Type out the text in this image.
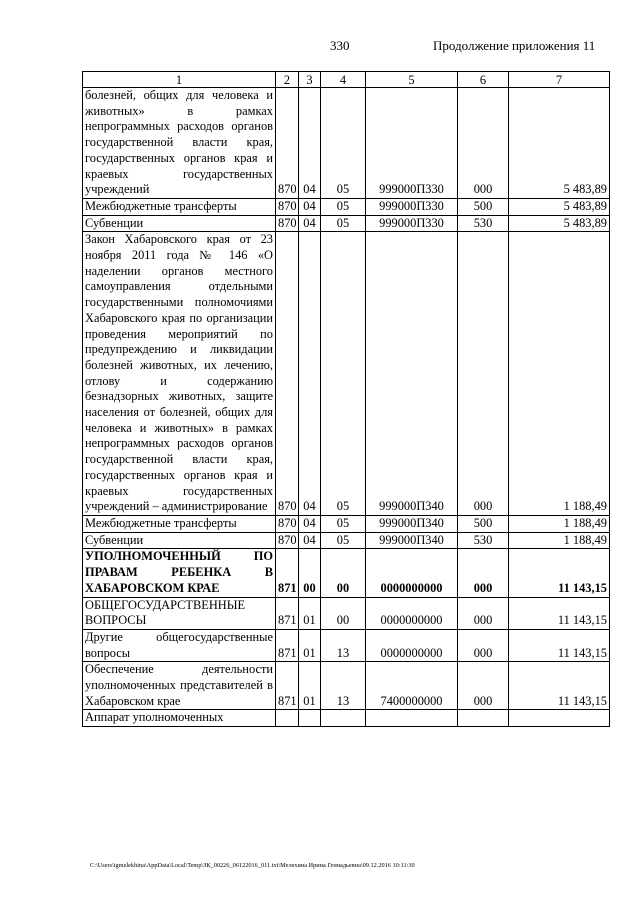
330	Продолжение приложения 11
1	2	3	4	5	6	7
болезней, общих для человека и животных» в рамках непрограммных расходов органов государственной власти края, государственных органов края и краевых государственных учреждений	870	04	05	999000П330	000	5 483,89
Межбюджетные трансферты	870	04	05	999000П330	500	5 483,89
Субвенции	870	04	05	999000П330	530	5 483,89
Закон Хабаровского края от 23 ноября 2011 года № 146 «О наделении органов местного самоуправления отдельными государственными полномочиями Хабаровского края по организации проведения мероприятий по предупреждению и ликвидации болезней животных, их лечению, отлову и содержанию безнадзорных животных, защите населения от болезней, общих для человека и животных» в рамках непрограммных расходов органов государственной власти края, государственных органов края и краевых государственных учреждений – администрирование	870	04	05	999000П340	000	1 188,49
Межбюджетные трансферты	870	04	05	999000П340	500	1 188,49
Субвенции	870	04	05	999000П340	530	1 188,49
УПОЛНОМОЧЕННЫЙ ПО ПРАВАМ РЕБЕНКА В ХАБАРОВСКОМ КРАЕ	871	00	00	0000000000	000	11 143,15
ОБЩЕГОСУДАРСТВЕННЫЕ ВОПРОСЫ	871	01	00	0000000000	000	11 143,15
Другие общегосударственные вопросы	871	01	13	0000000000	000	11 143,15
Обеспечение деятельности уполномоченных представителей в Хабаровском крае	871	01	13	7400000000	000	11 143,15
Аппарат уполномоченных						
C:\Users\igmelekhina\AppData\Local\Temp\ЗК_00226_06122016_011.txt\Мелехина Ирина Геннадьевна\09.12.2016 10:11:30
